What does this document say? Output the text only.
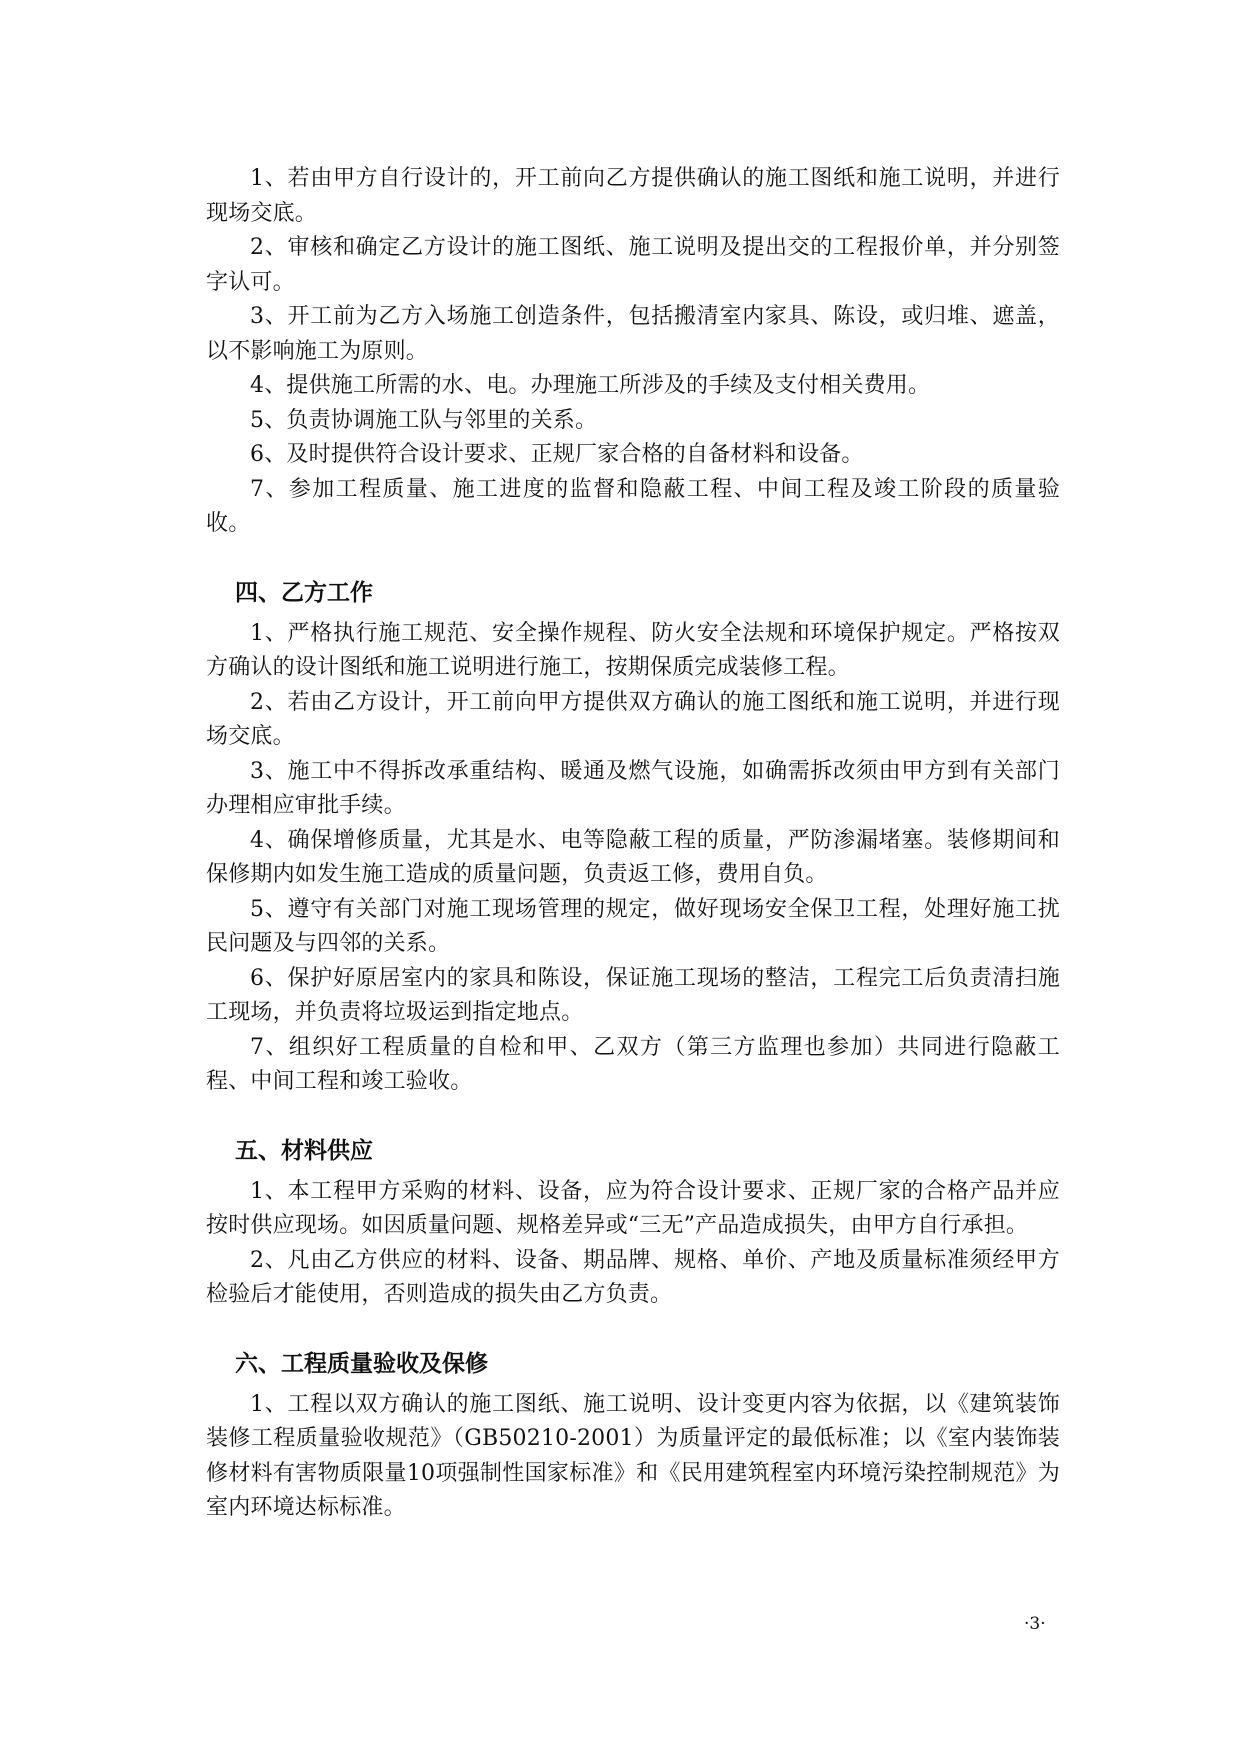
1、若由甲方自行设计的，开工前向乙方提供确认的施工图纸和施工说明，并进行现场交底。

2、审核和确定乙方设计的施工图纸、施工说明及提出交的工程报价单，并分别签字认可。

3、开工前为乙方入场施工创造条件，包括搬清室内家具、陈设，或归堆、遮盖，以不影响施工为原则。

4、提供施工所需的水、电。办理施工所涉及的手续及支付相关费用。

5、负责协调施工队与邻里的关系。

6、及时提供符合设计要求、正规厂家合格的自备材料和设备。

7、参加工程质量、施工进度的监督和隐蔽工程、中间工程及竣工阶段的质量验收。

四、乙方工作

1、严格执行施工规范、安全操作规程、防火安全法规和环境保护规定。严格按双方确认的设计图纸和施工说明进行施工，按期保质完成装修工程。

2、若由乙方设计，开工前向甲方提供双方确认的施工图纸和施工说明，并进行现场交底。

3、施工中不得拆改承重结构、暖通及燃气设施，如确需拆改须由甲方到有关部门办理相应审批手续。

4、确保增修质量，尤其是水、电等隐蔽工程的质量，严防渗漏堵塞。装修期间和保修期内如发生施工造成的质量问题，负责返工修，费用自负。

5、遵守有关部门对施工现场管理的规定，做好现场安全保卫工程，处理好施工扰民问题及与四邻的关系。

6、保护好原居室内的家具和陈设，保证施工现场的整洁，工程完工后负责清扫施工现场，并负责将垃圾运到指定地点。

7、组织好工程质量的自检和甲、乙双方（第三方监理也参加）共同进行隐蔽工程、中间工程和竣工验收。

五、材料供应

1、本工程甲方采购的材料、设备，应为符合设计要求、正规厂家的合格产品并应按时供应现场。如因质量问题、规格差异或“三无”产品造成损失，由甲方自行承担。

2、凡由乙方供应的材料、设备、期品牌、规格、单价、产地及质量标准须经甲方检验后才能使用，否则造成的损失由乙方负责。

六、工程质量验收及保修

1、工程以双方确认的施工图纸、施工说明、设计变更内容为依据，以《建筑装饰装修工程质量验收规范》（GB50210-2001）为质量评定的最低标准；以《室内装饰装修材料有害物质限量10项强制性国家标准》和《民用建筑程室内环境污染控制规范》为室内环境达标标准。

·3·
